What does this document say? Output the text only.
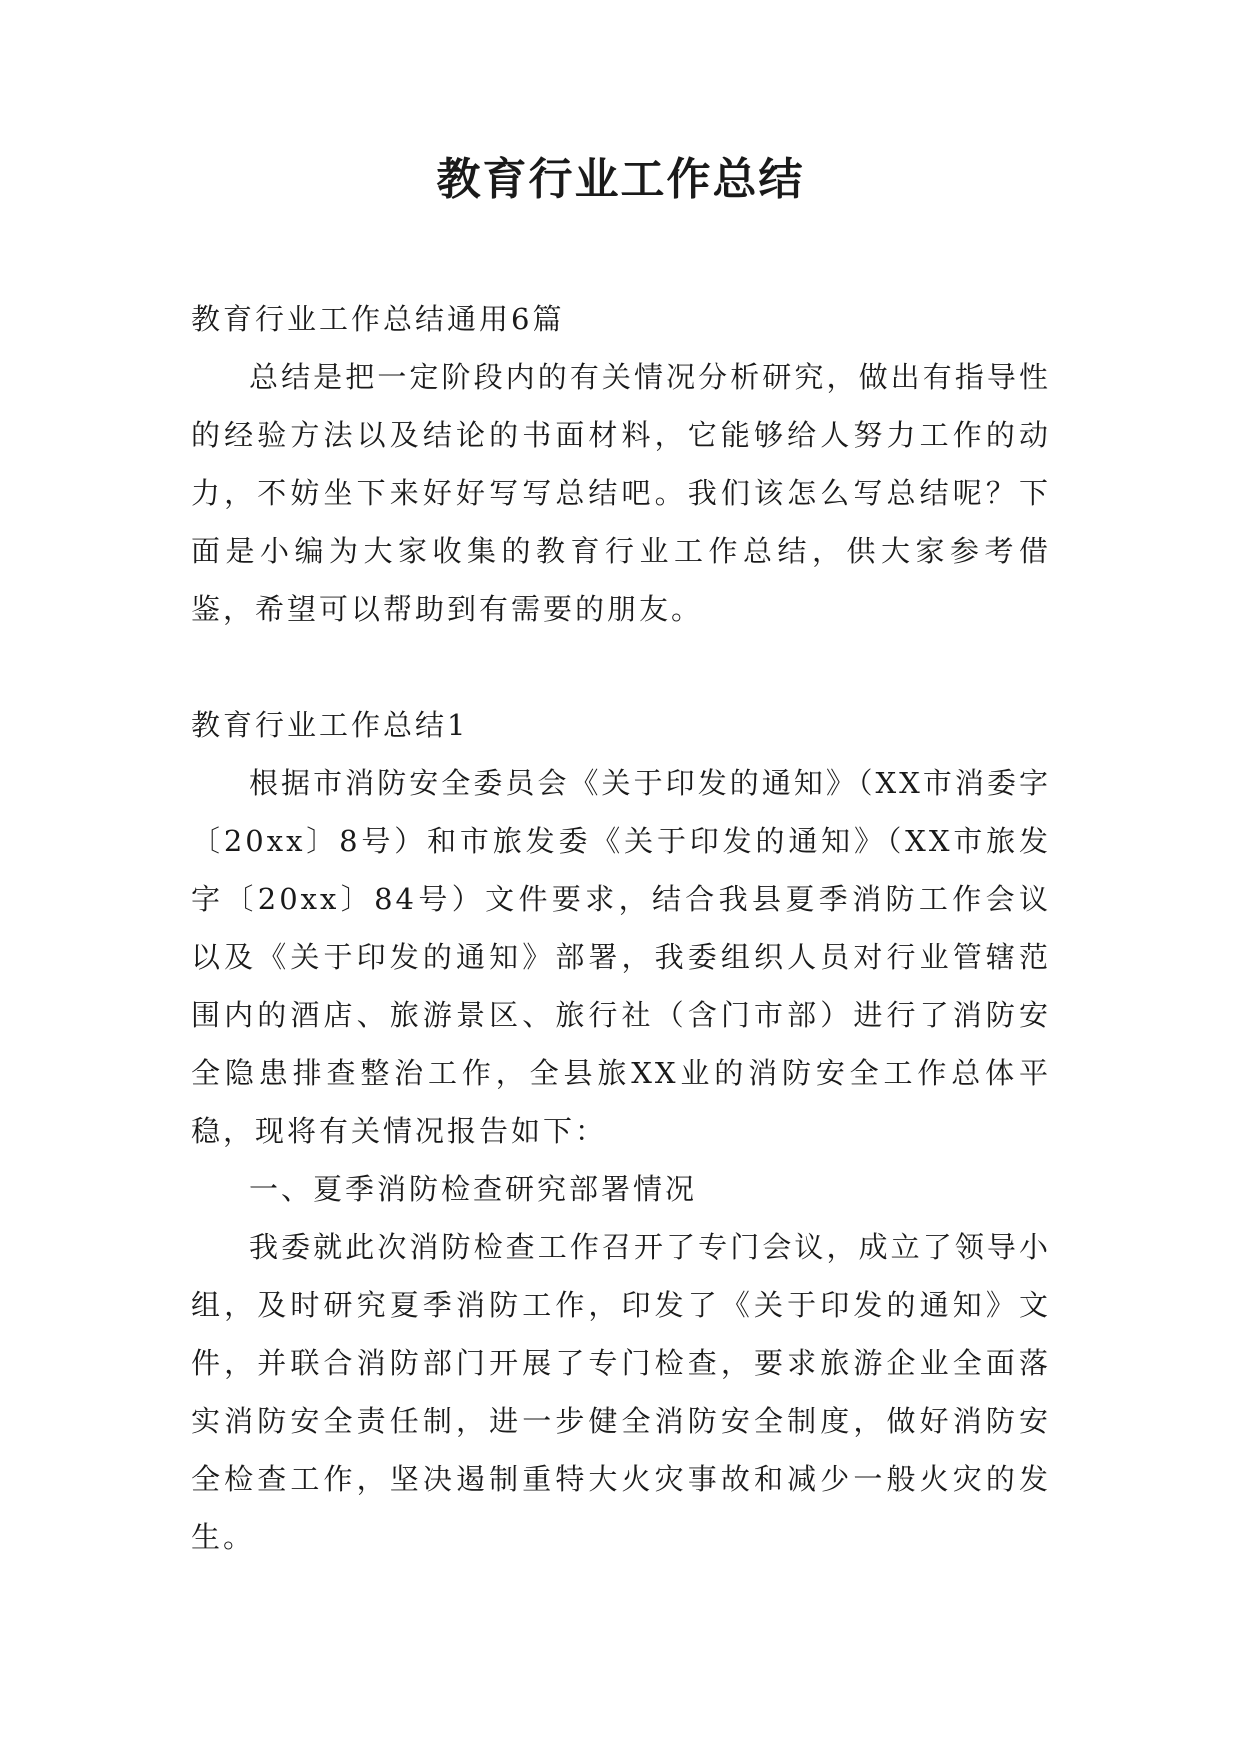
教育行业工作总结

教育行业工作总结通用6篇

总结是把一定阶段内的有关情况分析研究，做出有指导性的经验方法以及结论的书面材料，它能够给人努力工作的动力，不妨坐下来好好写写总结吧。我们该怎么写总结呢？下面是小编为大家收集的教育行业工作总结，供大家参考借鉴，希望可以帮助到有需要的朋友。

教育行业工作总结1

根据市消防安全委员会《关于印发的通知》（XX市消委字〔20xx〕8号）和市旅发委《关于印发的通知》（XX市旅发字〔20xx〕84号）文件要求，结合我县夏季消防工作会议以及《关于印发的通知》部署，我委组织人员对行业管辖范围内的酒店、旅游景区、旅行社（含门市部）进行了消防安全隐患排查整治工作，全县旅XX业的消防安全工作总体平稳，现将有关情况报告如下：

一、夏季消防检查研究部署情况

我委就此次消防检查工作召开了专门会议，成立了领导小组，及时研究夏季消防工作，印发了《关于印发的通知》文件，并联合消防部门开展了专门检查，要求旅游企业全面落实消防安全责任制，进一步健全消防安全制度，做好消防安全检查工作，坚决遏制重特大火灾事故和减少一般火灾的发生。
